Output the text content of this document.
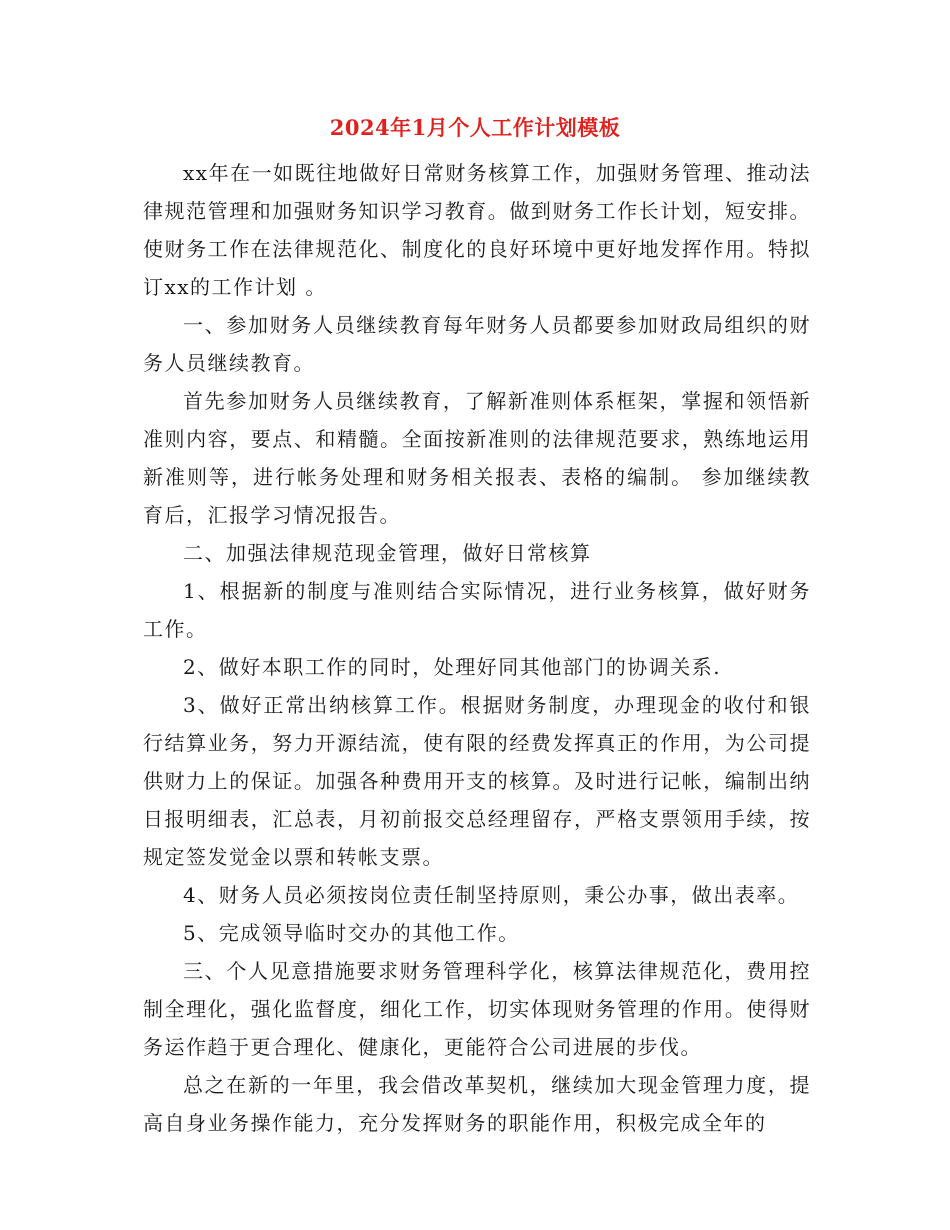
2024年1月个人工作计划模板

xx年在一如既往地做好日常财务核算工作，加强财务管理、推动法律规范管理和加强财务知识学习教育。做到财务工作长计划，短安排。使财务工作在法律规范化、制度化的良好环境中更好地发挥作用。特拟订xx的工作计划 。

一、参加财务人员继续教育每年财务人员都要参加财政局组织的财务人员继续教育。

首先参加财务人员继续教育，了解新准则体系框架，掌握和领悟新准则内容，要点、和精髓。全面按新准则的法律规范要求，熟练地运用新准则等，进行帐务处理和财务相关报表、表格的编制。 参加继续教育后，汇报学习情况报告。

二、加强法律规范现金管理，做好日常核算

1、根据新的制度与准则结合实际情况，进行业务核算，做好财务工作。

2、做好本职工作的同时，处理好同其他部门的协调关系.

3、做好正常出纳核算工作。根据财务制度，办理现金的收付和银行结算业务，努力开源结流，使有限的经费发挥真正的作用，为公司提供财力上的保证。加强各种费用开支的核算。及时进行记帐，编制出纳日报明细表，汇总表，月初前报交总经理留存，严格支票领用手续，按规定签发觉金以票和转帐支票。

4、财务人员必须按岗位责任制坚持原则，秉公办事，做出表率。

5、完成领导临时交办的其他工作。

三、个人见意措施要求财务管理科学化，核算法律规范化，费用控制全理化，强化监督度，细化工作，切实体现财务管理的作用。使得财务运作趋于更合理化、健康化，更能符合公司进展的步伐。

总之在新的一年里，我会借改革契机，继续加大现金管理力度，提高自身业务操作能力，充分发挥财务的职能作用，积极完成全年的
